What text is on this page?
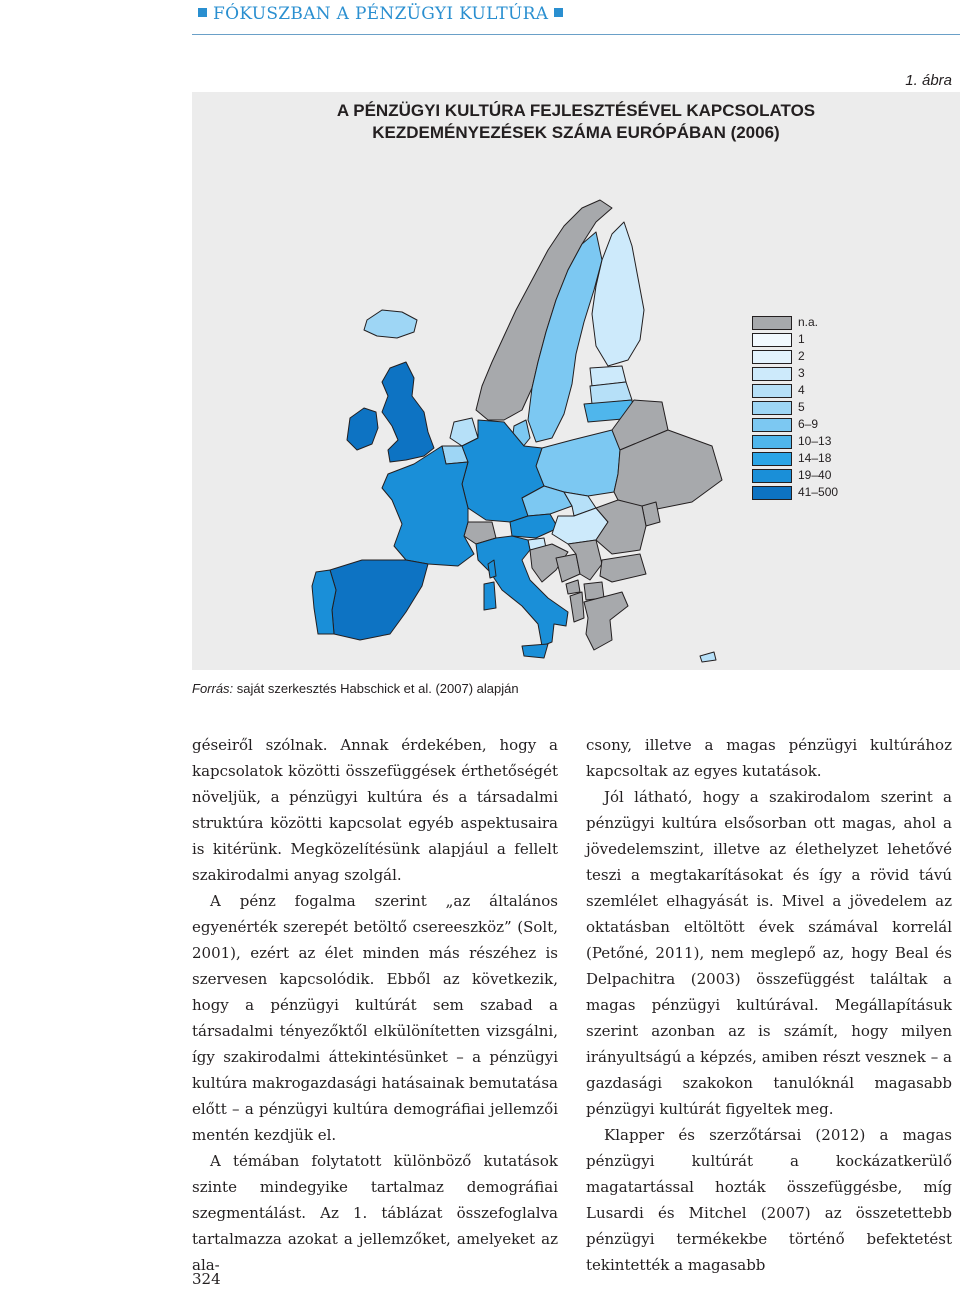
FÓKUSZBAN A PÉNZÜGYI KULTÚRA
1. ábra
A PÉNZÜGYI KULTÚRA FEJLESZTÉSÉVEL KAPCSOLATOS
KEZDEMÉNYEZÉSEK SZÁMA EURÓPÁBAN (2006)
n.a.
1
2
3
4
5
6–9
10–13
14–18
19–40
41–500
Forrás: saját szerkesztés Habschick et al. (2007) alapján

géseiről szólnak. Annak érdekében, hogy a kapcsolatok közötti összefüggések érthetőségét növeljük, a pénzügyi kultúra és a társadalmi struktúra közötti kapcsolat egyéb aspektusaira is kitérünk. Megközelítésünk alapjául a fellelt szakirodalmi anyag szolgál.

A pénz fogalma szerint „az általános egyenérték szerepét betöltő csereeszköz” (Solt, 2001), ezért az élet minden más részéhez is szervesen kapcsolódik. Ebből az következik, hogy a pénzügyi kultúrát sem szabad a társadalmi tényezőktől elkülönítetten vizsgálni, így szakirodalmi áttekintésünket – a pénzügyi kultúra makrogazdasági hatásainak bemutatása előtt – a pénzügyi kultúra demográfiai jellemzői mentén kezdjük el.

A témában folytatott különböző kutatások szinte mindegyike tartalmaz demográfiai szegmentálást. Az 1. táblázat összefoglalva tartalmazza azokat a jellemzőket, amelyeket az ala-

csony, illetve a magas pénzügyi kultúrához kapcsoltak az egyes kutatások.

Jól látható, hogy a szakirodalom szerint a pénzügyi kultúra elsősorban ott magas, ahol a jövedelemszint, illetve az élethelyzet lehetővé teszi a megtakarításokat és így a rövid távú szemlélet elhagyását is. Mivel a jövedelem az oktatásban eltöltött évek számával korrelál (Petőné, 2011), nem meglepő az, hogy Beal és Delpachitra (2003) összefüggést találtak a magas pénzügyi kultúrával. Megállapításuk szerint azonban az is számít, hogy milyen irányultságú a képzés, amiben részt vesznek – a gazdasági szakokon tanulóknál magasabb pénzügyi kultúrát figyeltek meg.

Klapper és szerzőtársai (2012) a magas pénzügyi kultúrát a kockázatkerülő magatartással hozták összefüggésbe, míg Lusardi és Mitchel (2007) az összetettebb pénzügyi termékekbe történő befektetést tekintették a magasabb

324
